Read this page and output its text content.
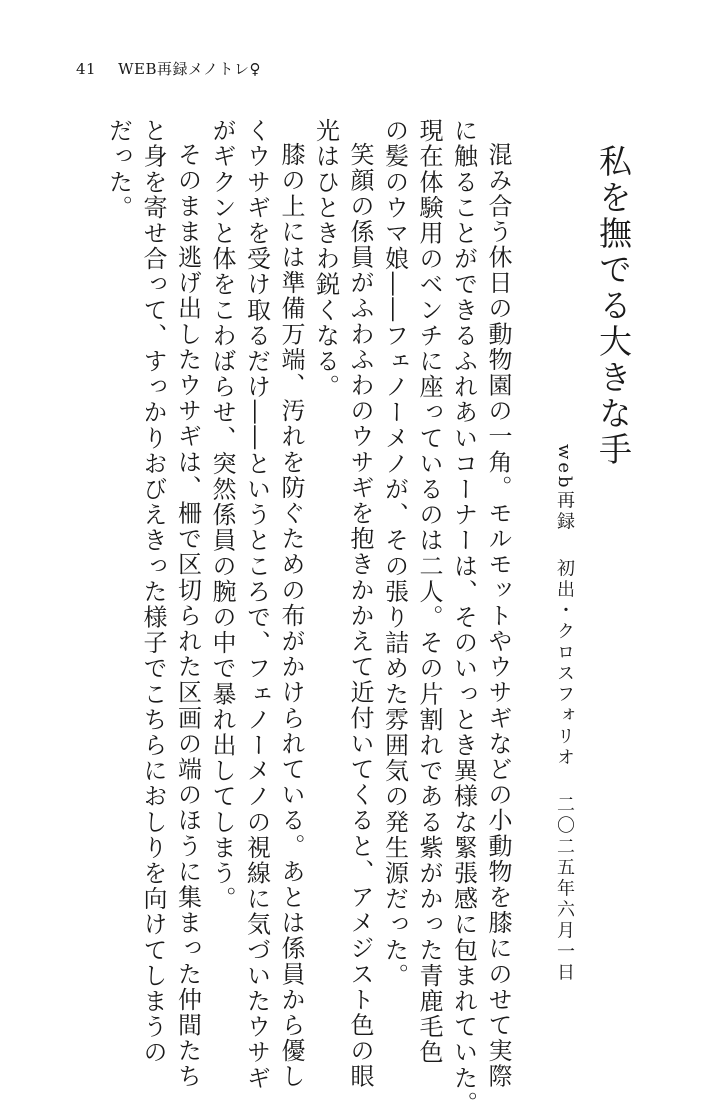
41 WEB再録メノトレ♀
私を撫でる大きな手
web再録初出・クロスフォリオ二〇二五年六月一日

混み合う休日の動物園の一角。モルモットやウサギなどの小動物を膝にのせて実際
に触ることができるふれあいコーナーは、そのいっとき異様な緊張感に包まれていた。
現在体験用のベンチに座っているのは二人。その片割れである紫がかった青鹿毛色
の髪のウマ娘――フェノーメノが、その張り詰めた雰囲気の発生源だった。

笑顔の係員がふわふわのウサギを抱きかかえて近付いてくると、アメジスト色の眼
光はひときわ鋭くなる。

膝の上には準備万端、汚れを防ぐための布がかけられている。あとは係員から優し
くウサギを受け取るだけ――というところで、フェノーメノの視線に気づいたウサギ
がギクンと体をこわばらせ、突然係員の腕の中で暴れ出してしまう。

そのまま逃げ出したウサギは、柵で区切られた区画の端のほうに集まった仲間たち
と身を寄せ合って、すっかりおびえきった様子でこちらにおしりを向けてしまうの
だった。
